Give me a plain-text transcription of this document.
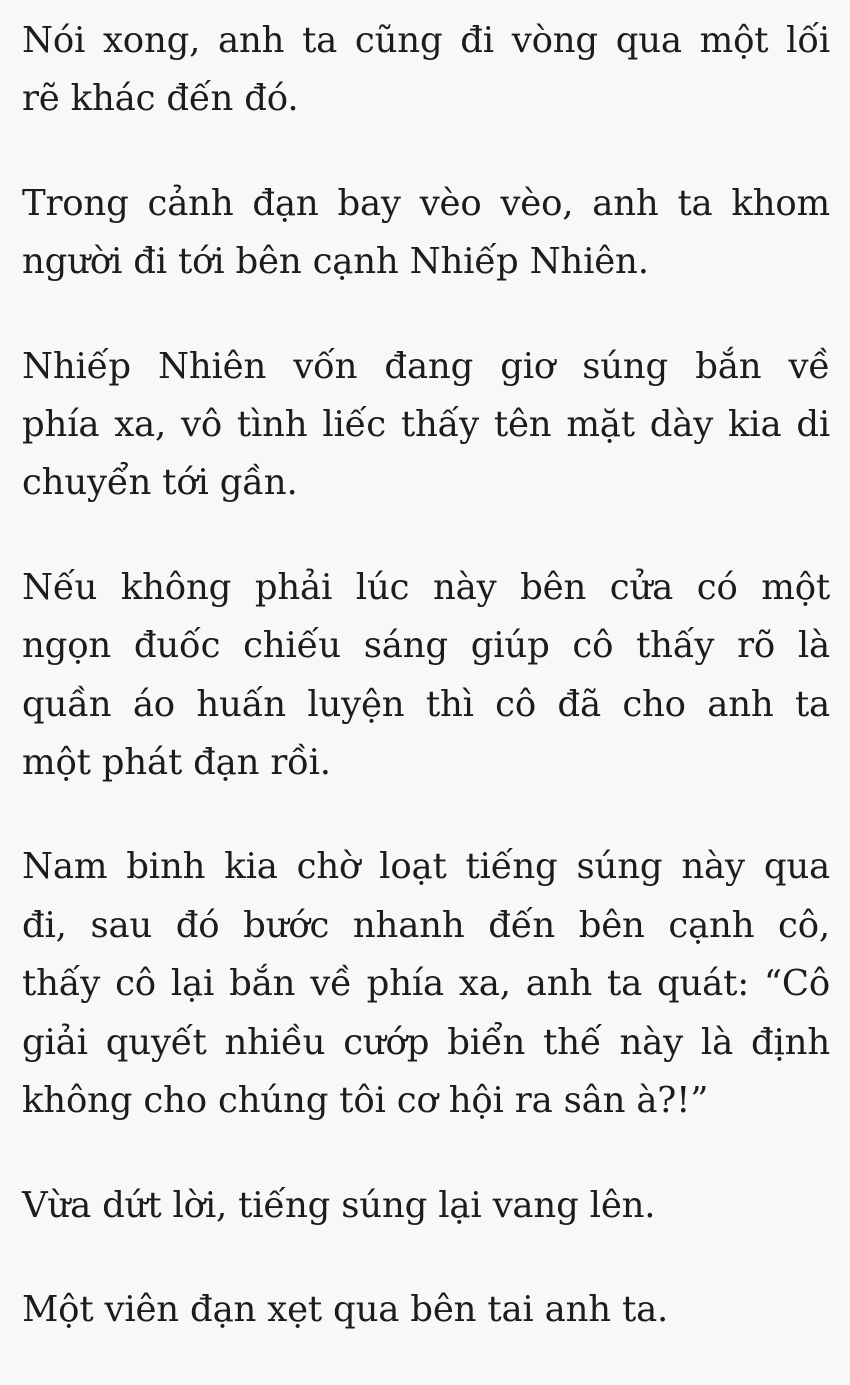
Nói xong, anh ta cũng đi vòng qua một lối
rẽ khác đến đó.

Trong cảnh đạn bay vèo vèo, anh ta khom
người đi tới bên cạnh Nhiếp Nhiên.

Nhiếp Nhiên vốn đang giơ súng bắn về
phía xa, vô tình liếc thấy tên mặt dày kia di
chuyển tới gần.

Nếu không phải lúc này bên cửa có một
ngọn đuốc chiếu sáng giúp cô thấy rõ là
quần áo huấn luyện thì cô đã cho anh ta
một phát đạn rồi.

Nam binh kia chờ loạt tiếng súng này qua
đi, sau đó bước nhanh đến bên cạnh cô,
thấy cô lại bắn về phía xa, anh ta quát: “Cô
giải quyết nhiều cướp biển thế này là định
không cho chúng tôi cơ hội ra sân à?!”

Vừa dứt lời, tiếng súng lại vang lên.

Một viên đạn xẹt qua bên tai anh ta.
